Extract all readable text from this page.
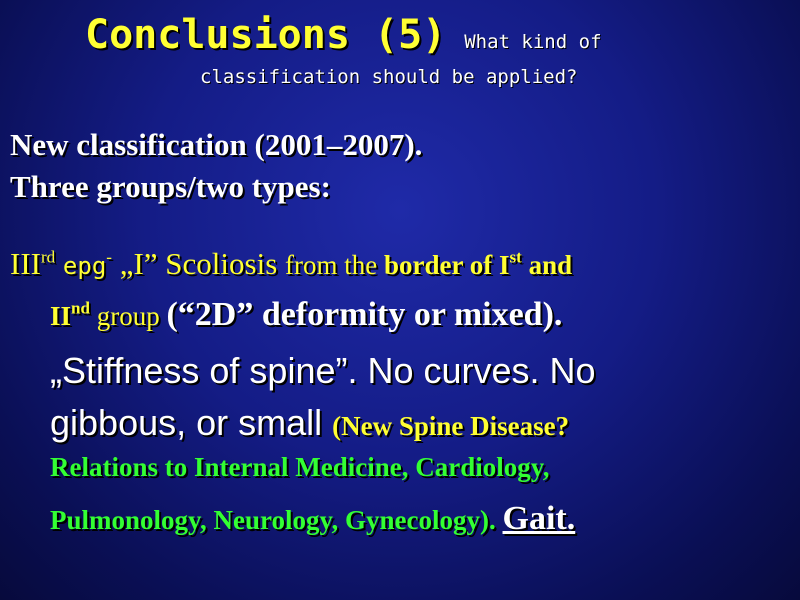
Conclusions (5) What kind of
classification should be applied?
New classification (2001–2007).
Three groups/two types:
IIIrd epg- „I” Scoliosis from the border of Ist and
IInd group (“2D” deformity or mixed).
„Stiffness of spine”. No curves. No
gibbous, or small (New Spine Disease?
Relations to Internal Medicine, Cardiology,
Pulmonology, Neurology, Gynecology). Gait.
